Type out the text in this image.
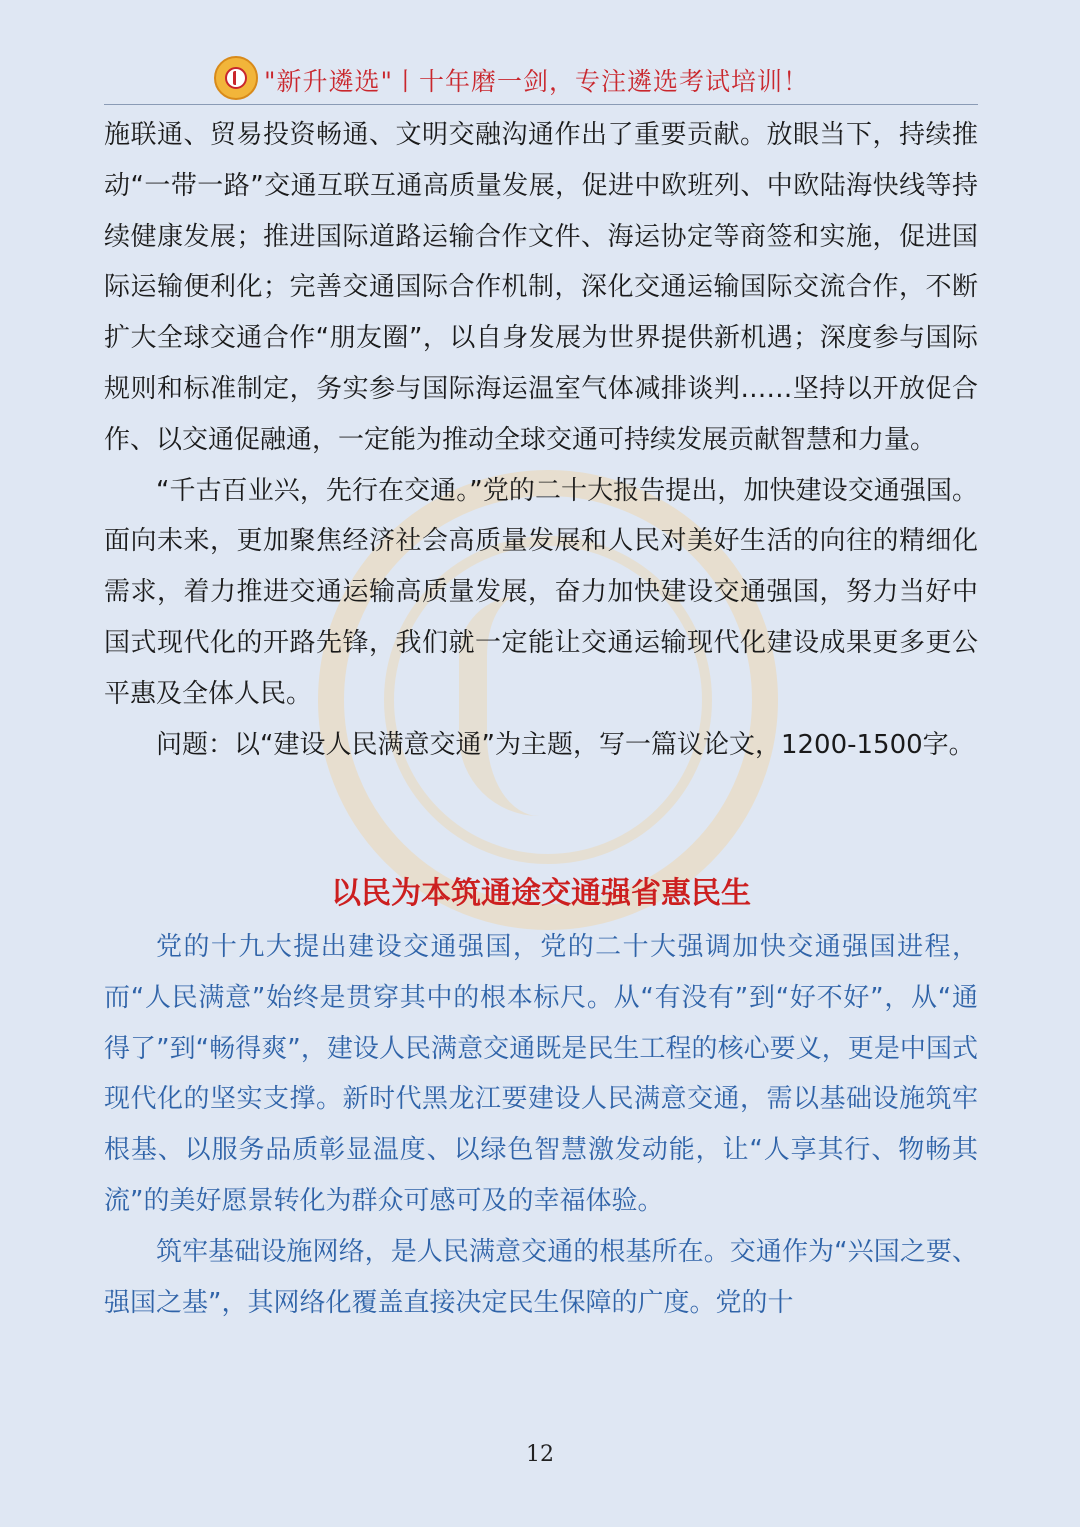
"新升遴选"丨十年磨一剑，专注遴选考试培训！

施联通、贸易投资畅通、文明交融沟通作出了重要贡献。放眼当下，持续推动“一带一路”交通互联互通高质量发展，促进中欧班列、中欧陆海快线等持续健康发展；推进国际道路运输合作文件、海运协定等商签和实施，促进国际运输便利化；完善交通国际合作机制，深化交通运输国际交流合作，不断扩大全球交通合作“朋友圈”，以自身发展为世界提供新机遇；深度参与国际规则和标准制定，务实参与国际海运温室气体减排谈判……坚持以开放促合作、以交通促融通，一定能为推动全球交通可持续发展贡献智慧和力量。

“千古百业兴，先行在交通。”党的二十大报告提出，加快建设交通强国。面向未来，更加聚焦经济社会高质量发展和人民对美好生活的向往的精细化需求，着力推进交通运输高质量发展，奋力加快建设交通强国，努力当好中国式现代化的开路先锋，我们就一定能让交通运输现代化建设成果更多更公平惠及全体人民。

问题：以“建设人民满意交通”为主题，写一篇议论文，1200-1500字。

以民为本筑通途交通强省惠民生

党的十九大提出建设交通强国，党的二十大强调加快交通强国进程，而“人民满意”始终是贯穿其中的根本标尺。从“有没有”到“好不好”，从“通得了”到“畅得爽”，建设人民满意交通既是民生工程的核心要义，更是中国式现代化的坚实支撑。新时代黑龙江要建设人民满意交通，需以基础设施筑牢根基、以服务品质彰显温度、以绿色智慧激发动能，让“人享其行、物畅其流”的美好愿景转化为群众可感可及的幸福体验。

筑牢基础设施网络，是人民满意交通的根基所在。交通作为“兴国之要、强国之基”，其网络化覆盖直接决定民生保障的广度。党的十

12
